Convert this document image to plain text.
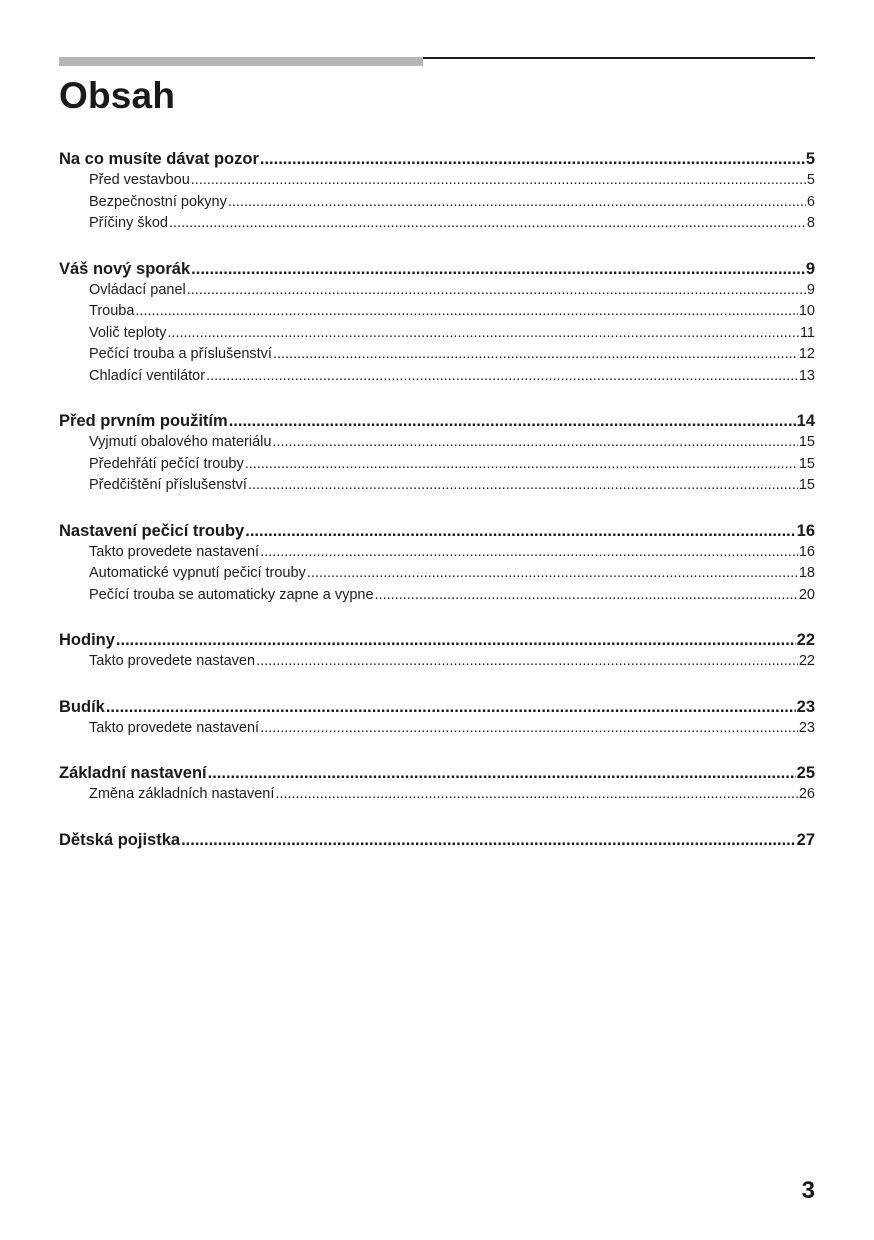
Obsah
Na co musíte dávat pozor .....	5
Před vestavbou .....	5
Bezpečnostní pokyny .....	6
Příčiny škod .....	8
Váš nový sporák .....	9
Ovládací panel .....	9
Trouba .....	10
Volič teploty .....	11
Pečící trouba a příslušenství .....	12
Chladící ventilátor .....	13
Před prvním použitím .....	14
Vyjmutí obalového materiálu .....	15
Předehřátí pečící trouby .....	15
Předčištění příslušenství .....	15
Nastavení pečicí trouby .....	16
Takto provedete nastavení .....	16
Automatické vypnutí pečicí trouby .....	18
Pečící trouba se automaticky zapne a vypne .....	20
Hodiny .....	22
Takto provedete nastaven .....	22
Budík .....	23
Takto provedete nastavení .....	23
Základní nastavení .....	25
Změna základních nastavení .....	26
Dětská pojistka .....	27
3
